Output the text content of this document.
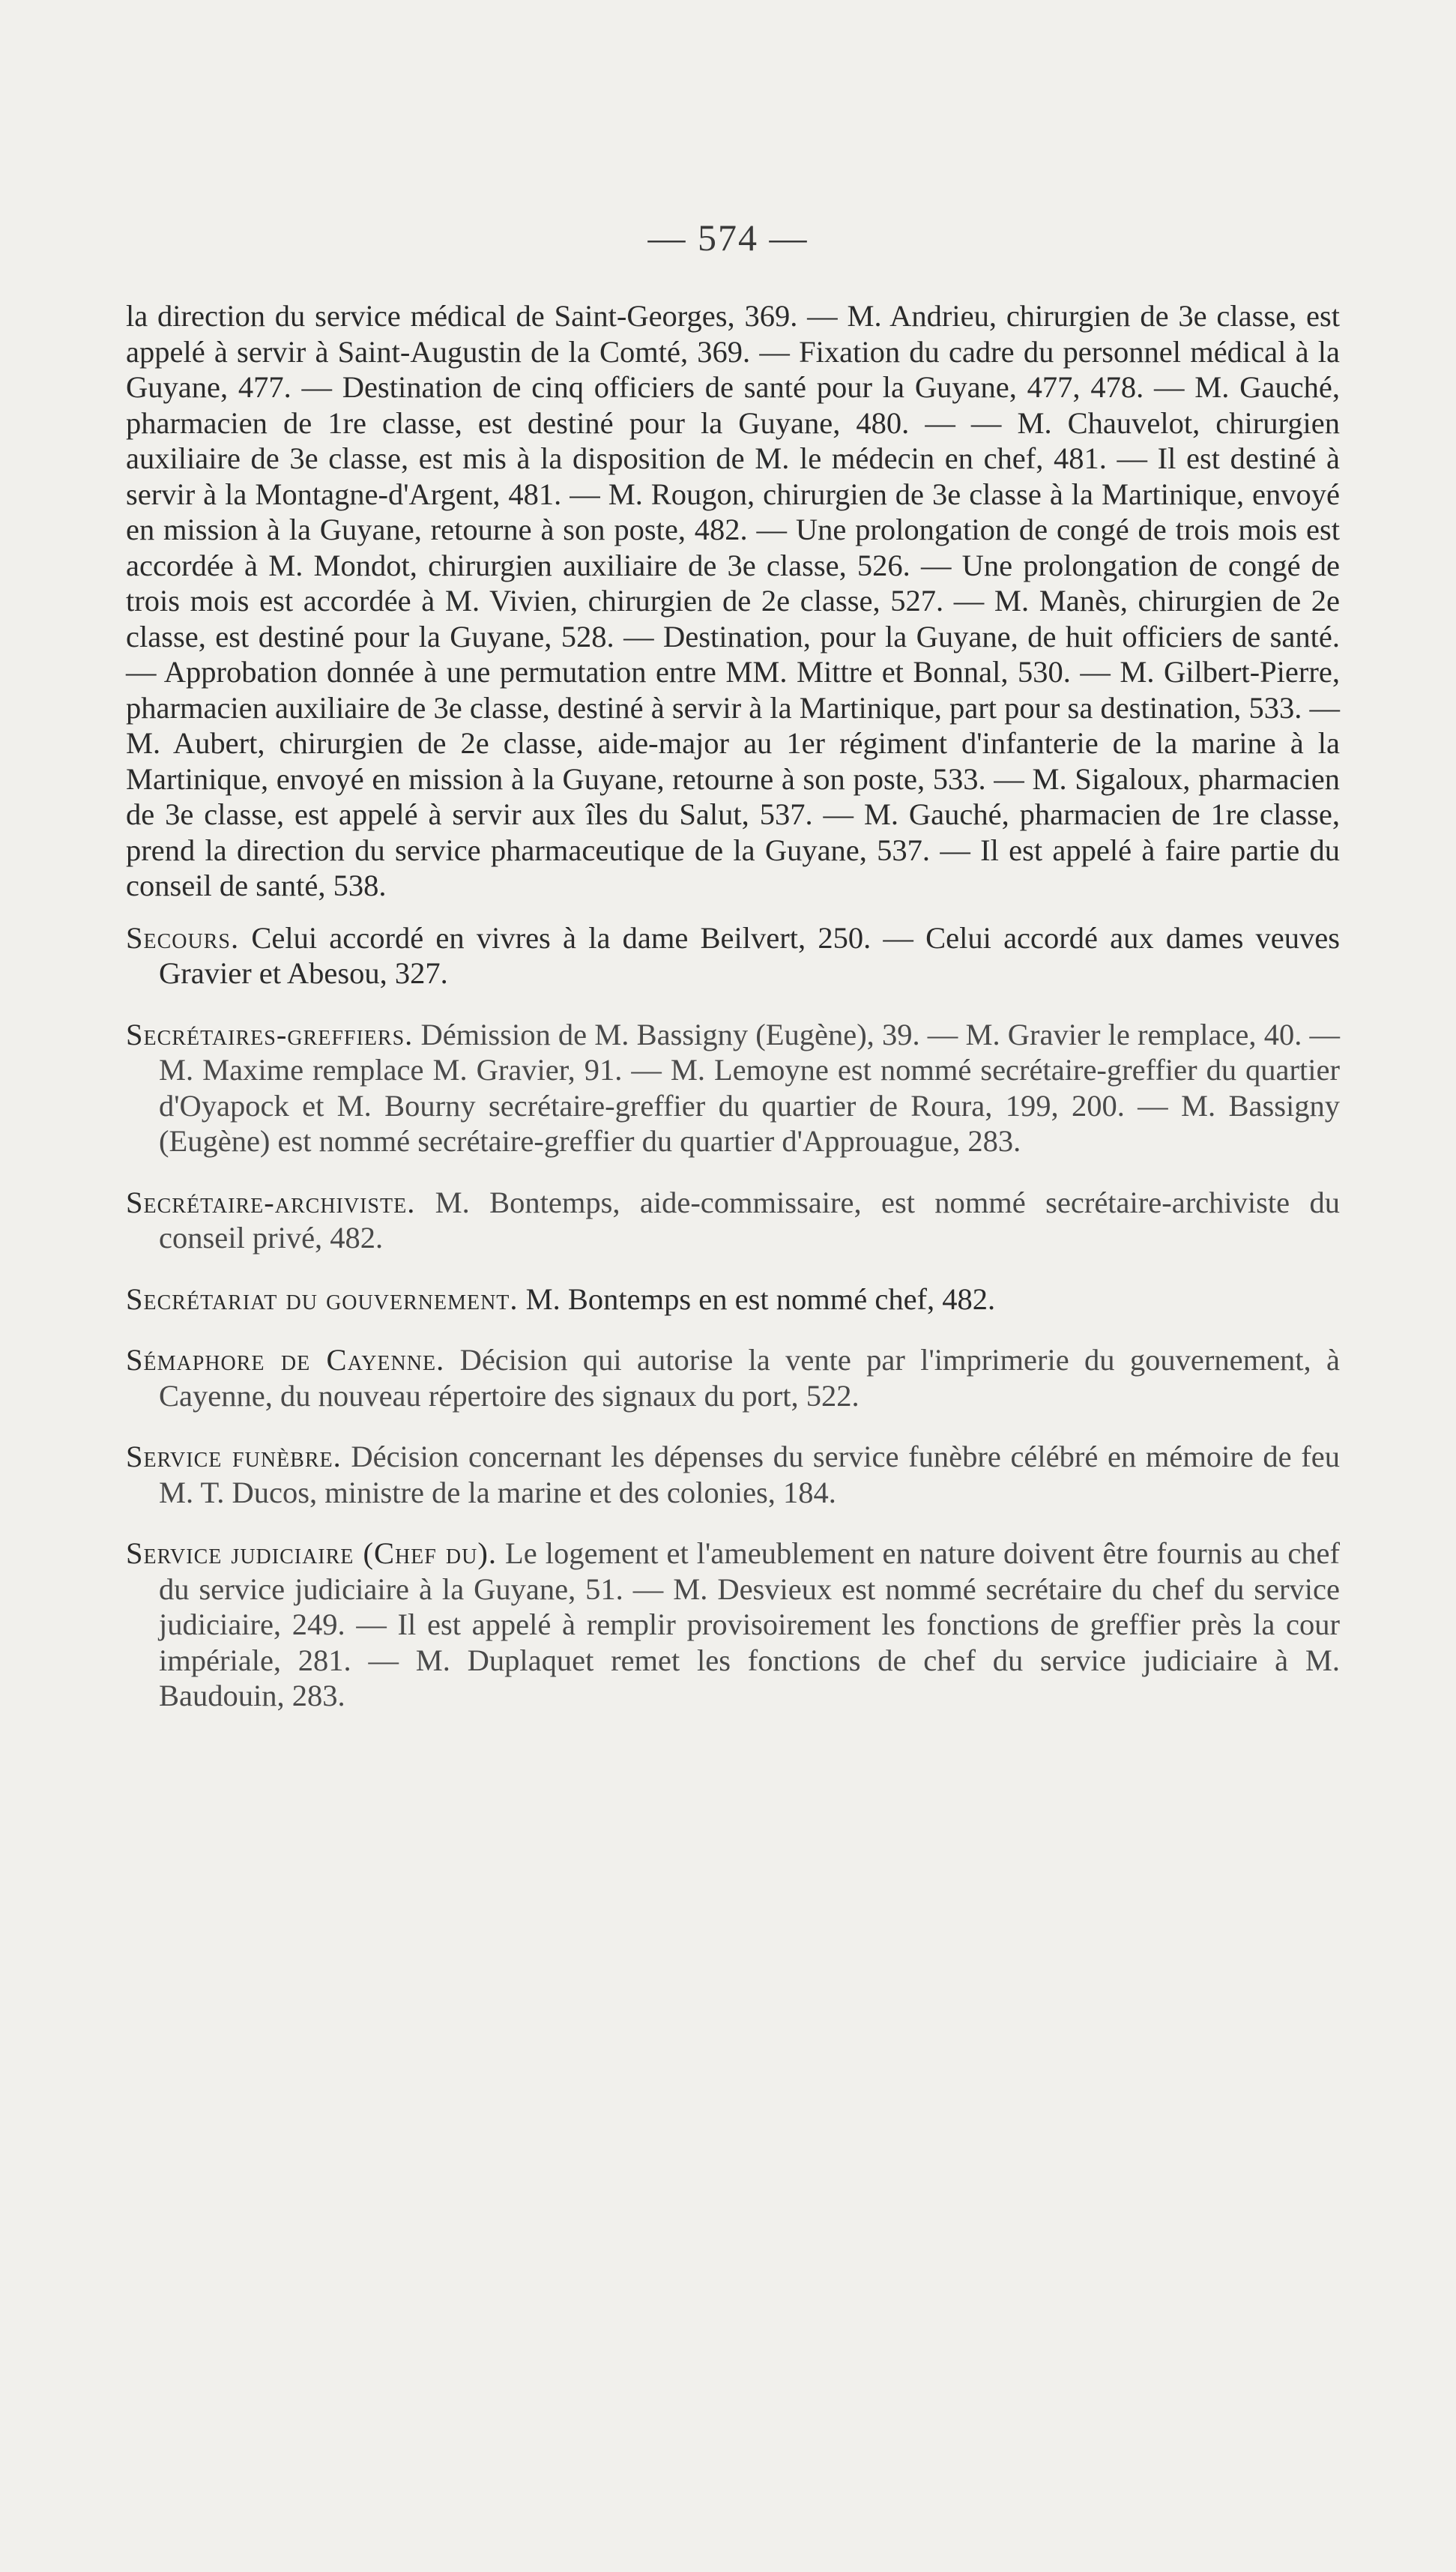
— 574 —

la direction du service médical de Saint-Georges, 369. — M. Andrieu, chirurgien de 3e classe, est appelé à servir à Saint-Augustin de la Comté, 369. — Fixation du cadre du personnel médical à la Guyane, 477. — Destination de cinq officiers de santé pour la Guyane, 477, 478. — M. Gauché, pharmacien de 1re classe, est destiné pour la Guyane, 480. — — M. Chauvelot, chirurgien auxiliaire de 3e classe, est mis à la disposition de M. le médecin en chef, 481. — Il est destiné à servir à la Montagne-d'Argent, 481. — M. Rougon, chirurgien de 3e classe à la Martinique, envoyé en mission à la Guyane, retourne à son poste, 482. — Une prolongation de congé de trois mois est accordée à M. Mondot, chirurgien auxiliaire de 3e classe, 526. — Une prolongation de congé de trois mois est accordée à M. Vivien, chirurgien de 2e classe, 527. — M. Manès, chirurgien de 2e classe, est destiné pour la Guyane, 528. — Destination, pour la Guyane, de huit officiers de santé. — Approbation donnée à une permutation entre MM. Mittre et Bonnal, 530. — M. Gilbert-Pierre, pharmacien auxiliaire de 3e classe, destiné à servir à la Martinique, part pour sa destination, 533. — M. Aubert, chirurgien de 2e classe, aide-major au 1er régiment d'infanterie de la marine à la Martinique, envoyé en mission à la Guyane, retourne à son poste, 533. — M. Sigaloux, pharmacien de 3e classe, est appelé à servir aux îles du Salut, 537. — M. Gauché, pharmacien de 1re classe, prend la direction du service pharmaceutique de la Guyane, 537. — Il est appelé à faire partie du conseil de santé, 538.

Secours. Celui accordé en vivres à la dame Beilvert, 250. — Celui accordé aux dames veuves Gravier et Abesou, 327.

Secrétaires-greffiers. Démission de M. Bassigny (Eugène), 39. — M. Gravier le remplace, 40. — M. Maxime remplace M. Gravier, 91. — M. Lemoyne est nommé secrétaire-greffier du quartier d'Oyapock et M. Bourny secrétaire-greffier du quartier de Roura, 199, 200. — M. Bassigny (Eugène) est nommé secrétaire-greffier du quartier d'Approuague, 283.

Secrétaire-archiviste. M. Bontemps, aide-commissaire, est nommé secrétaire-archiviste du conseil privé, 482.

Secrétariat du gouvernement. M. Bontemps en est nommé chef, 482.

Sémaphore de Cayenne. Décision qui autorise la vente par l'imprimerie du gouvernement, à Cayenne, du nouveau répertoire des signaux du port, 522.

Service funèbre. Décision concernant les dépenses du service funèbre célébré en mémoire de feu M. T. Ducos, ministre de la marine et des colonies, 184.

Service judiciaire (Chef du). Le logement et l'ameublement en nature doivent être fournis au chef du service judiciaire à la Guyane, 51. — M. Desvieux est nommé secrétaire du chef du service judiciaire, 249. — Il est appelé à remplir provisoirement les fonctions de greffier près la cour impériale, 281. — M. Duplaquet remet les fonctions de chef du service judiciaire à M. Baudouin, 283.
